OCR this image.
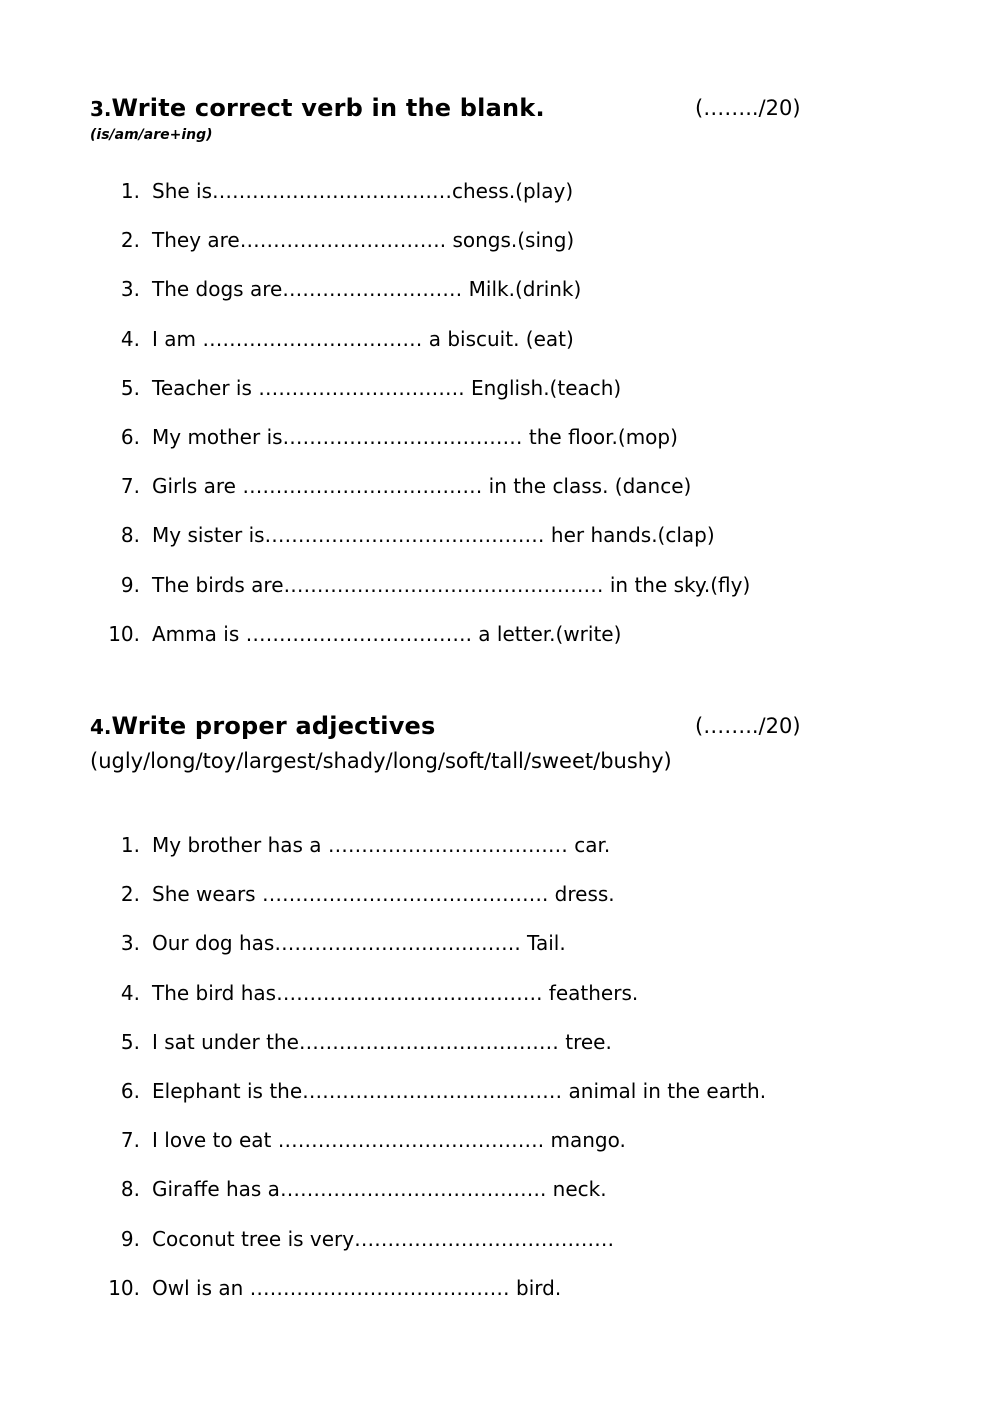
3.Write correct verb in the blank.	(……../20)
(is/am/are+ing)
1. She is………………………………chess.(play)
2. They are…………………………. songs.(sing)
3. The dogs are……………………… Milk.(drink)
4. I am …………………………… a biscuit. (eat)
5. Teacher is …………………………. English.(teach)
6. My mother is……………………………… the floor.(mop)
7. Girls are ……………………………… in the class. (dance)
8. My sister is…………………………………… her hands.(clap)
9. The birds are………………………………………… in the sky.(fly)
10. Amma is ……………………………. a letter.(write)
4.Write proper adjectives	(……../20)
(ugly/long/toy/largest/shady/long/soft/tall/sweet/bushy)
1. My brother has a ……………………………… car.
2. She wears ……………………………………. dress.
3. Our dog has………………………………. Tail.
4. The bird has…………………………………. feathers.
5. I sat under the………………………………… tree.
6. Elephant is the………………………………… animal in the earth.
7. I love to eat …………………………………. mango.
8. Giraffe has a…………………………………. neck.
9. Coconut tree is very…………………………………
10. Owl is an ………………………………… bird.
